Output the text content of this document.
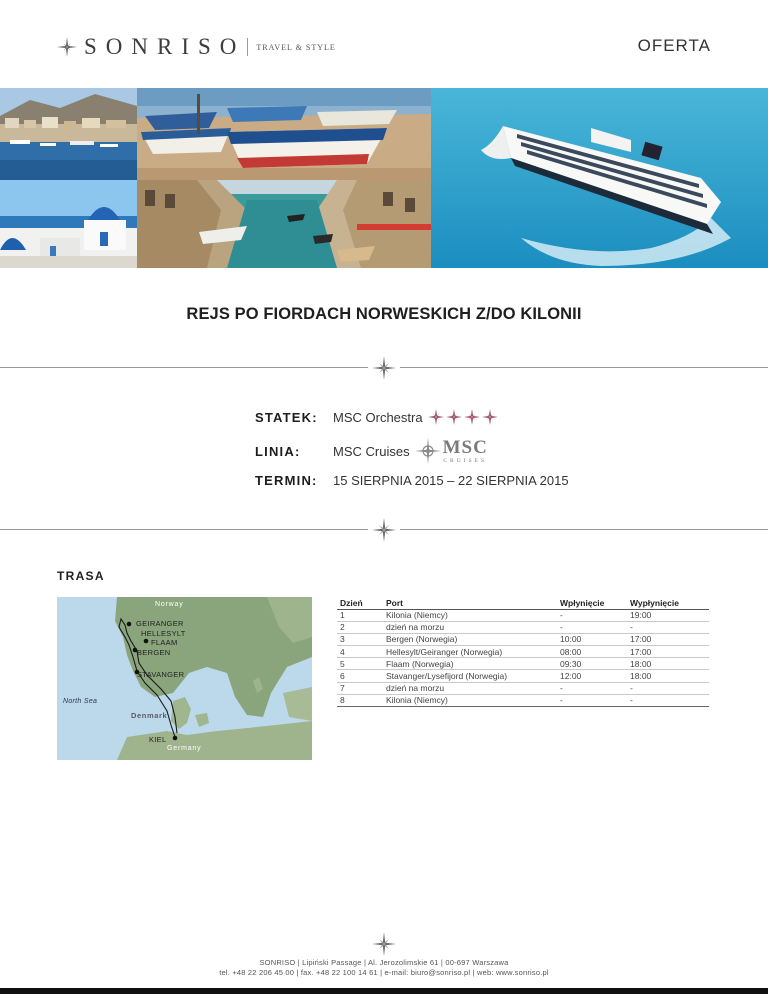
SONRISO TRAVEL & STYLE	OFERTA
REJS PO FIORDACH NORWESKICH Z/DO KILONII
STATEK:	MSC Orchestra
LINIA:	MSC Cruises MSC
CRUISES
TERMIN:	15 SIERPNIA 2015 – 22 SIERPNIA 2015
TRASA
Norway
GEIRANGER
HELLESYLT
FLAAM
BERGEN
STAVANGER
North Sea
Denmark
KIEL
Germany
Dzień	Port	Wpłynięcie	Wypłynięcie
1	Kilonia (Niemcy)	-	19:00
2	dzień na morzu	-	-
3	Bergen (Norwegia)	10:00	17:00
4	Hellesylt/Geiranger (Norwegia)	08:00	17:00
5	Flaam (Norwegia)	09:30	18:00
6	Stavanger/Lysefijord (Norwegia)	12:00	18:00
7	dzień na morzu	-	-
8	Kilonia (Niemcy)	-	-
SONRISO | Lipiński Passage | Al. Jerozolimskie 61 | 00-697 Warszawa
tel. +48 22 206 45 00 | fax. +48 22 100 14 61 | e-mail: biuro@sonriso.pl | web: www.sonriso.pl
